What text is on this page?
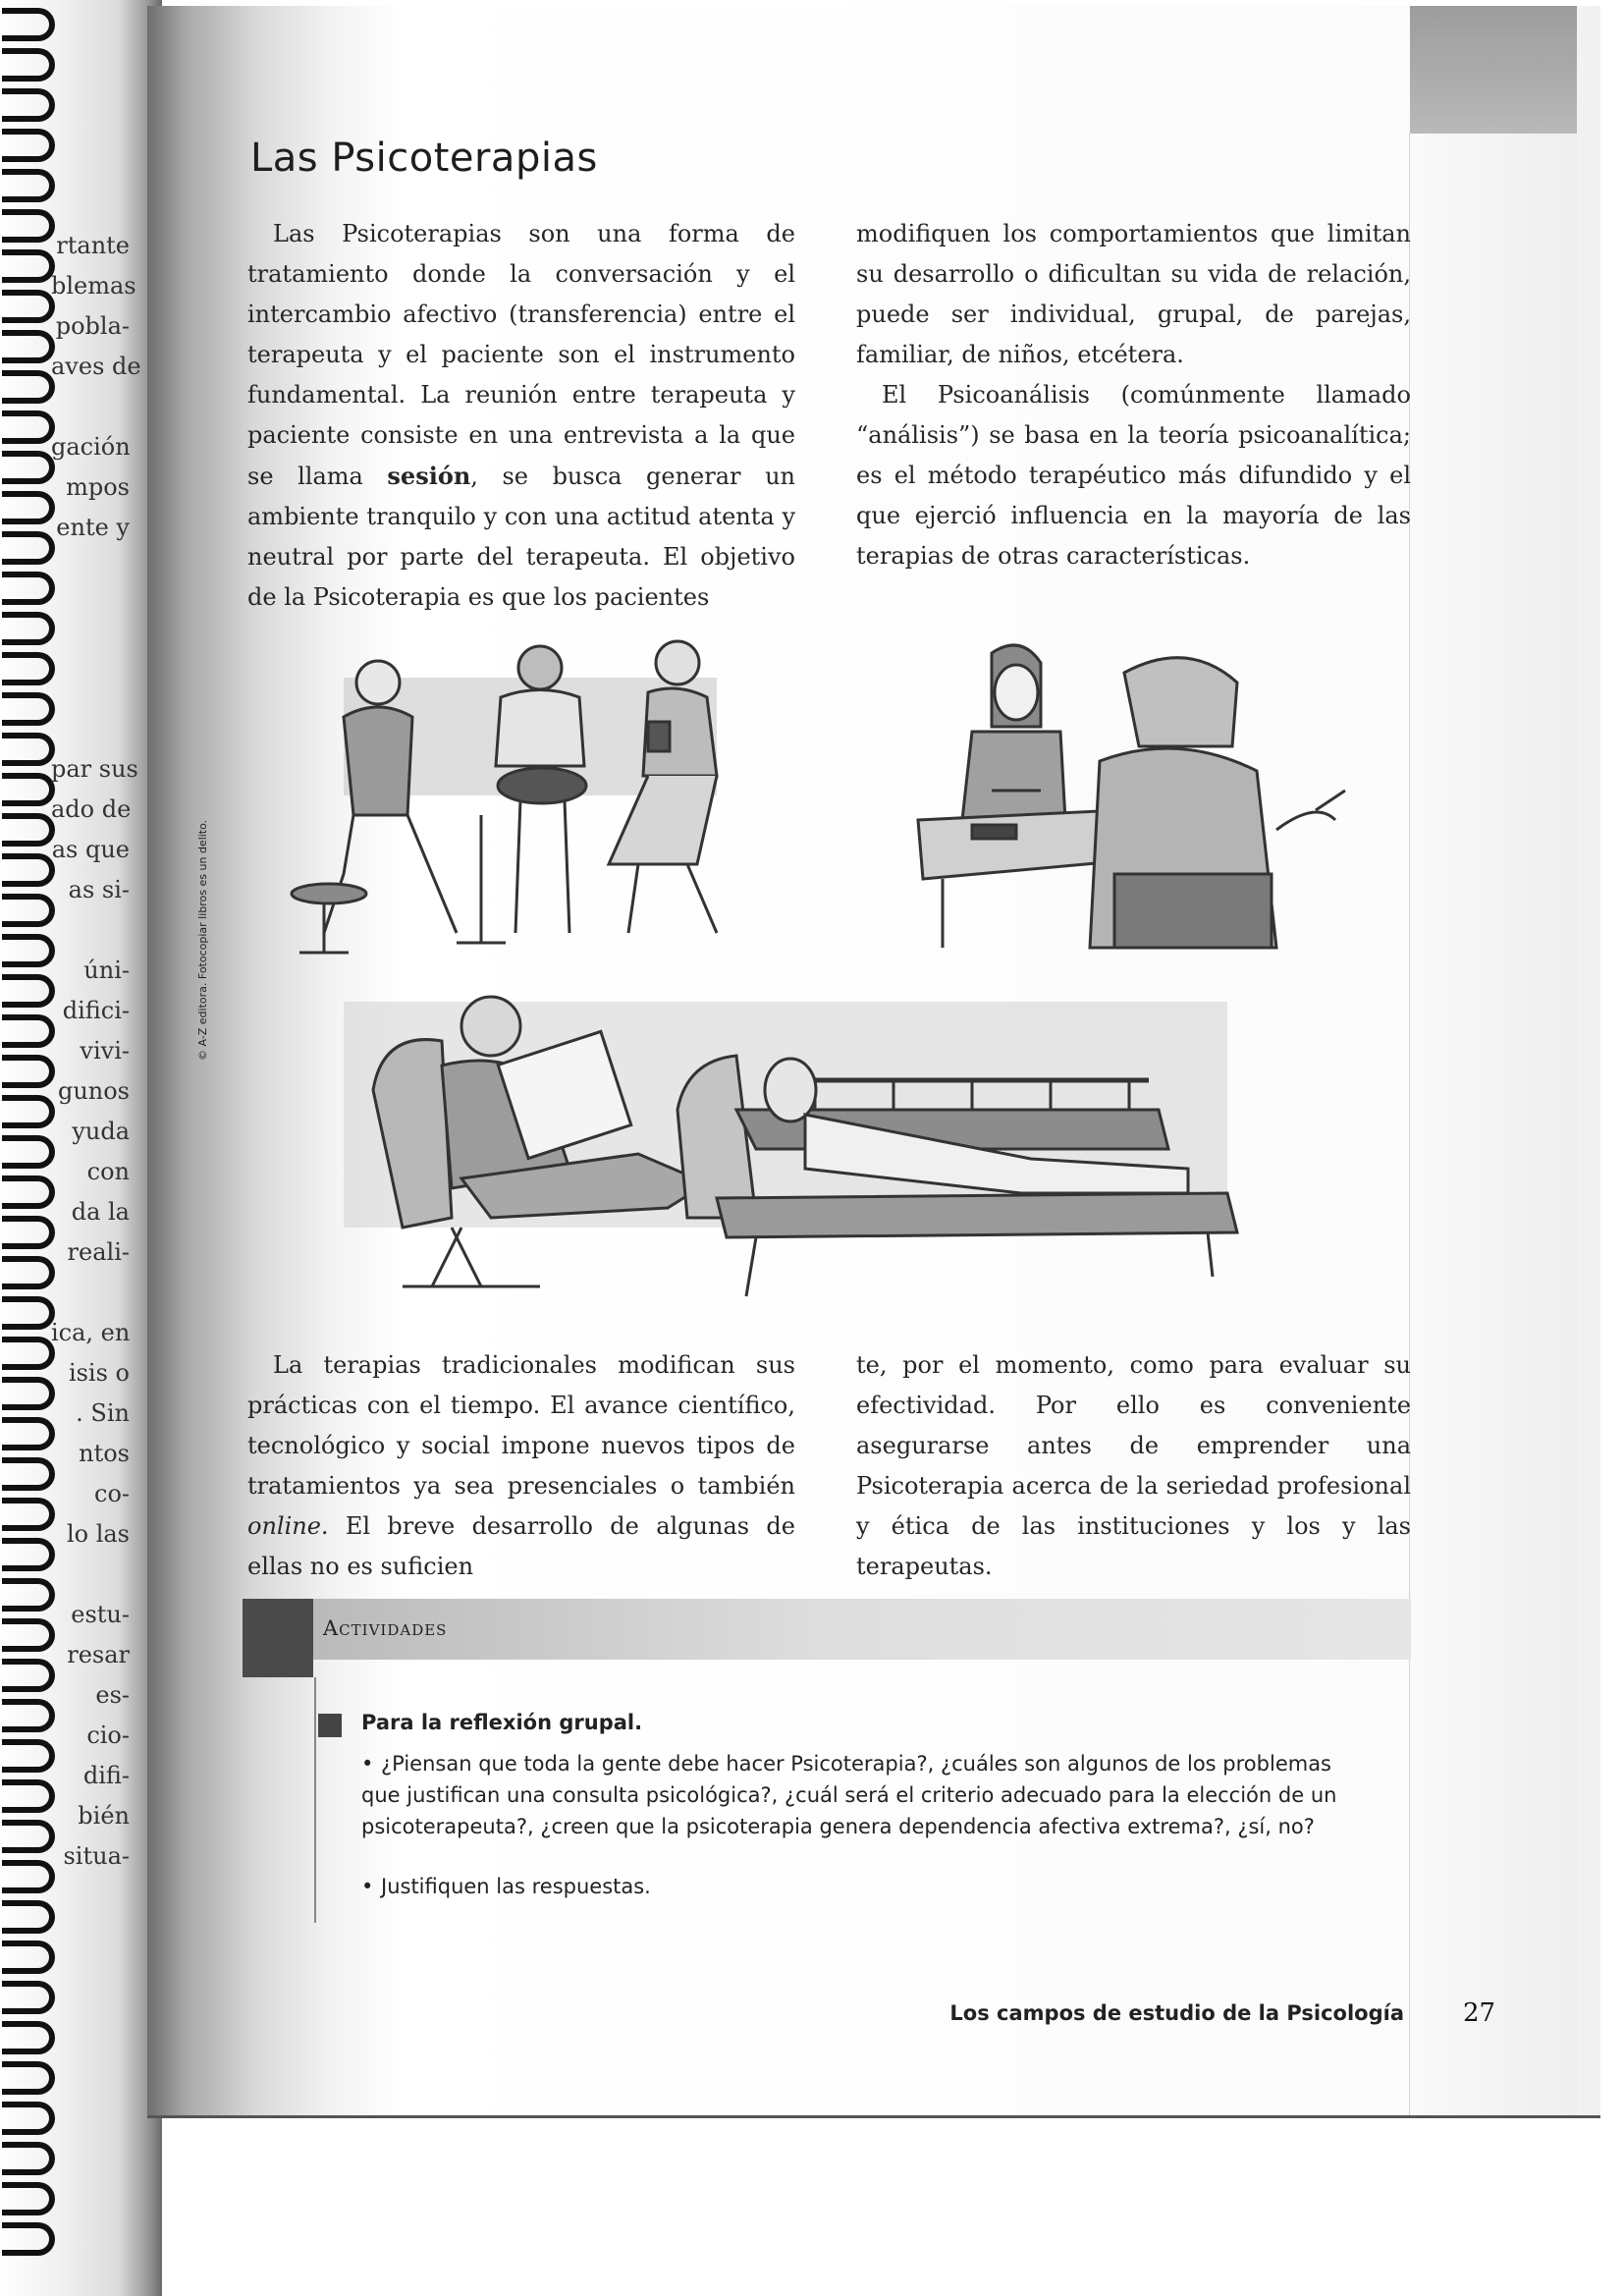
rtante
blemas
pobla-
aves de
gación
mpos
ente y
par sus
ado de
as que
as si-
úni-
difici-
vivi-
gunos
yuda
con
da la
reali-
ica, en
isis o
. Sin
ntos
co-
lo las
estu-
resar
es-
cio-
difi-
bién
situa-
© A-Z editora. Fotocopiar libros es un delito.
Las Psicoterapias

Las Psicoterapias son una forma de tratamiento donde la conversación y el intercambio afectivo (transferencia) entre el terapeuta y el paciente son el instrumento fundamental. La reunión entre terapeuta y paciente consiste en una entrevista a la que se llama sesión, se busca generar un ambiente tranquilo y con una actitud atenta y neutral por parte del terapeuta. El objetivo de la Psicoterapia es que los pacientes

modifiquen los comportamientos que limitan su desarrollo o dificultan su vida de relación, puede ser individual, grupal, de parejas, familiar, de niños, etcétera.

El Psicoanálisis (comúnmente llamado “análisis”) se basa en la teoría psicoanalítica; es el método terapéutico más difundido y el que ejerció influencia en la mayoría de las terapias de otras características.

La terapias tradicionales modifican sus prácticas con el tiempo. El avance científico, tecnológico y social impone nuevos tipos de tratamientos ya sea presenciales o también online. El breve desarrollo de algunas de ellas no es suficien

te, por el momento, como para evaluar su efectividad. Por ello es conveniente asegurarse antes de emprender una Psicoterapia acerca de la seriedad profesional y ética de las instituciones y los y las terapeutas.

Actividades
Para la reflexión grupal.
• ¿Piensan que toda la gente debe hacer Psicoterapia?, ¿cuáles son algunos de los problemas que justifican una consulta psicológica?, ¿cuál será el criterio adecuado para la elección de un psicoterapeuta?, ¿creen que la psicoterapia genera dependencia afectiva extrema?, ¿sí, no?
• Justifiquen las respuestas.
Los campos de estudio de la Psicología 27
